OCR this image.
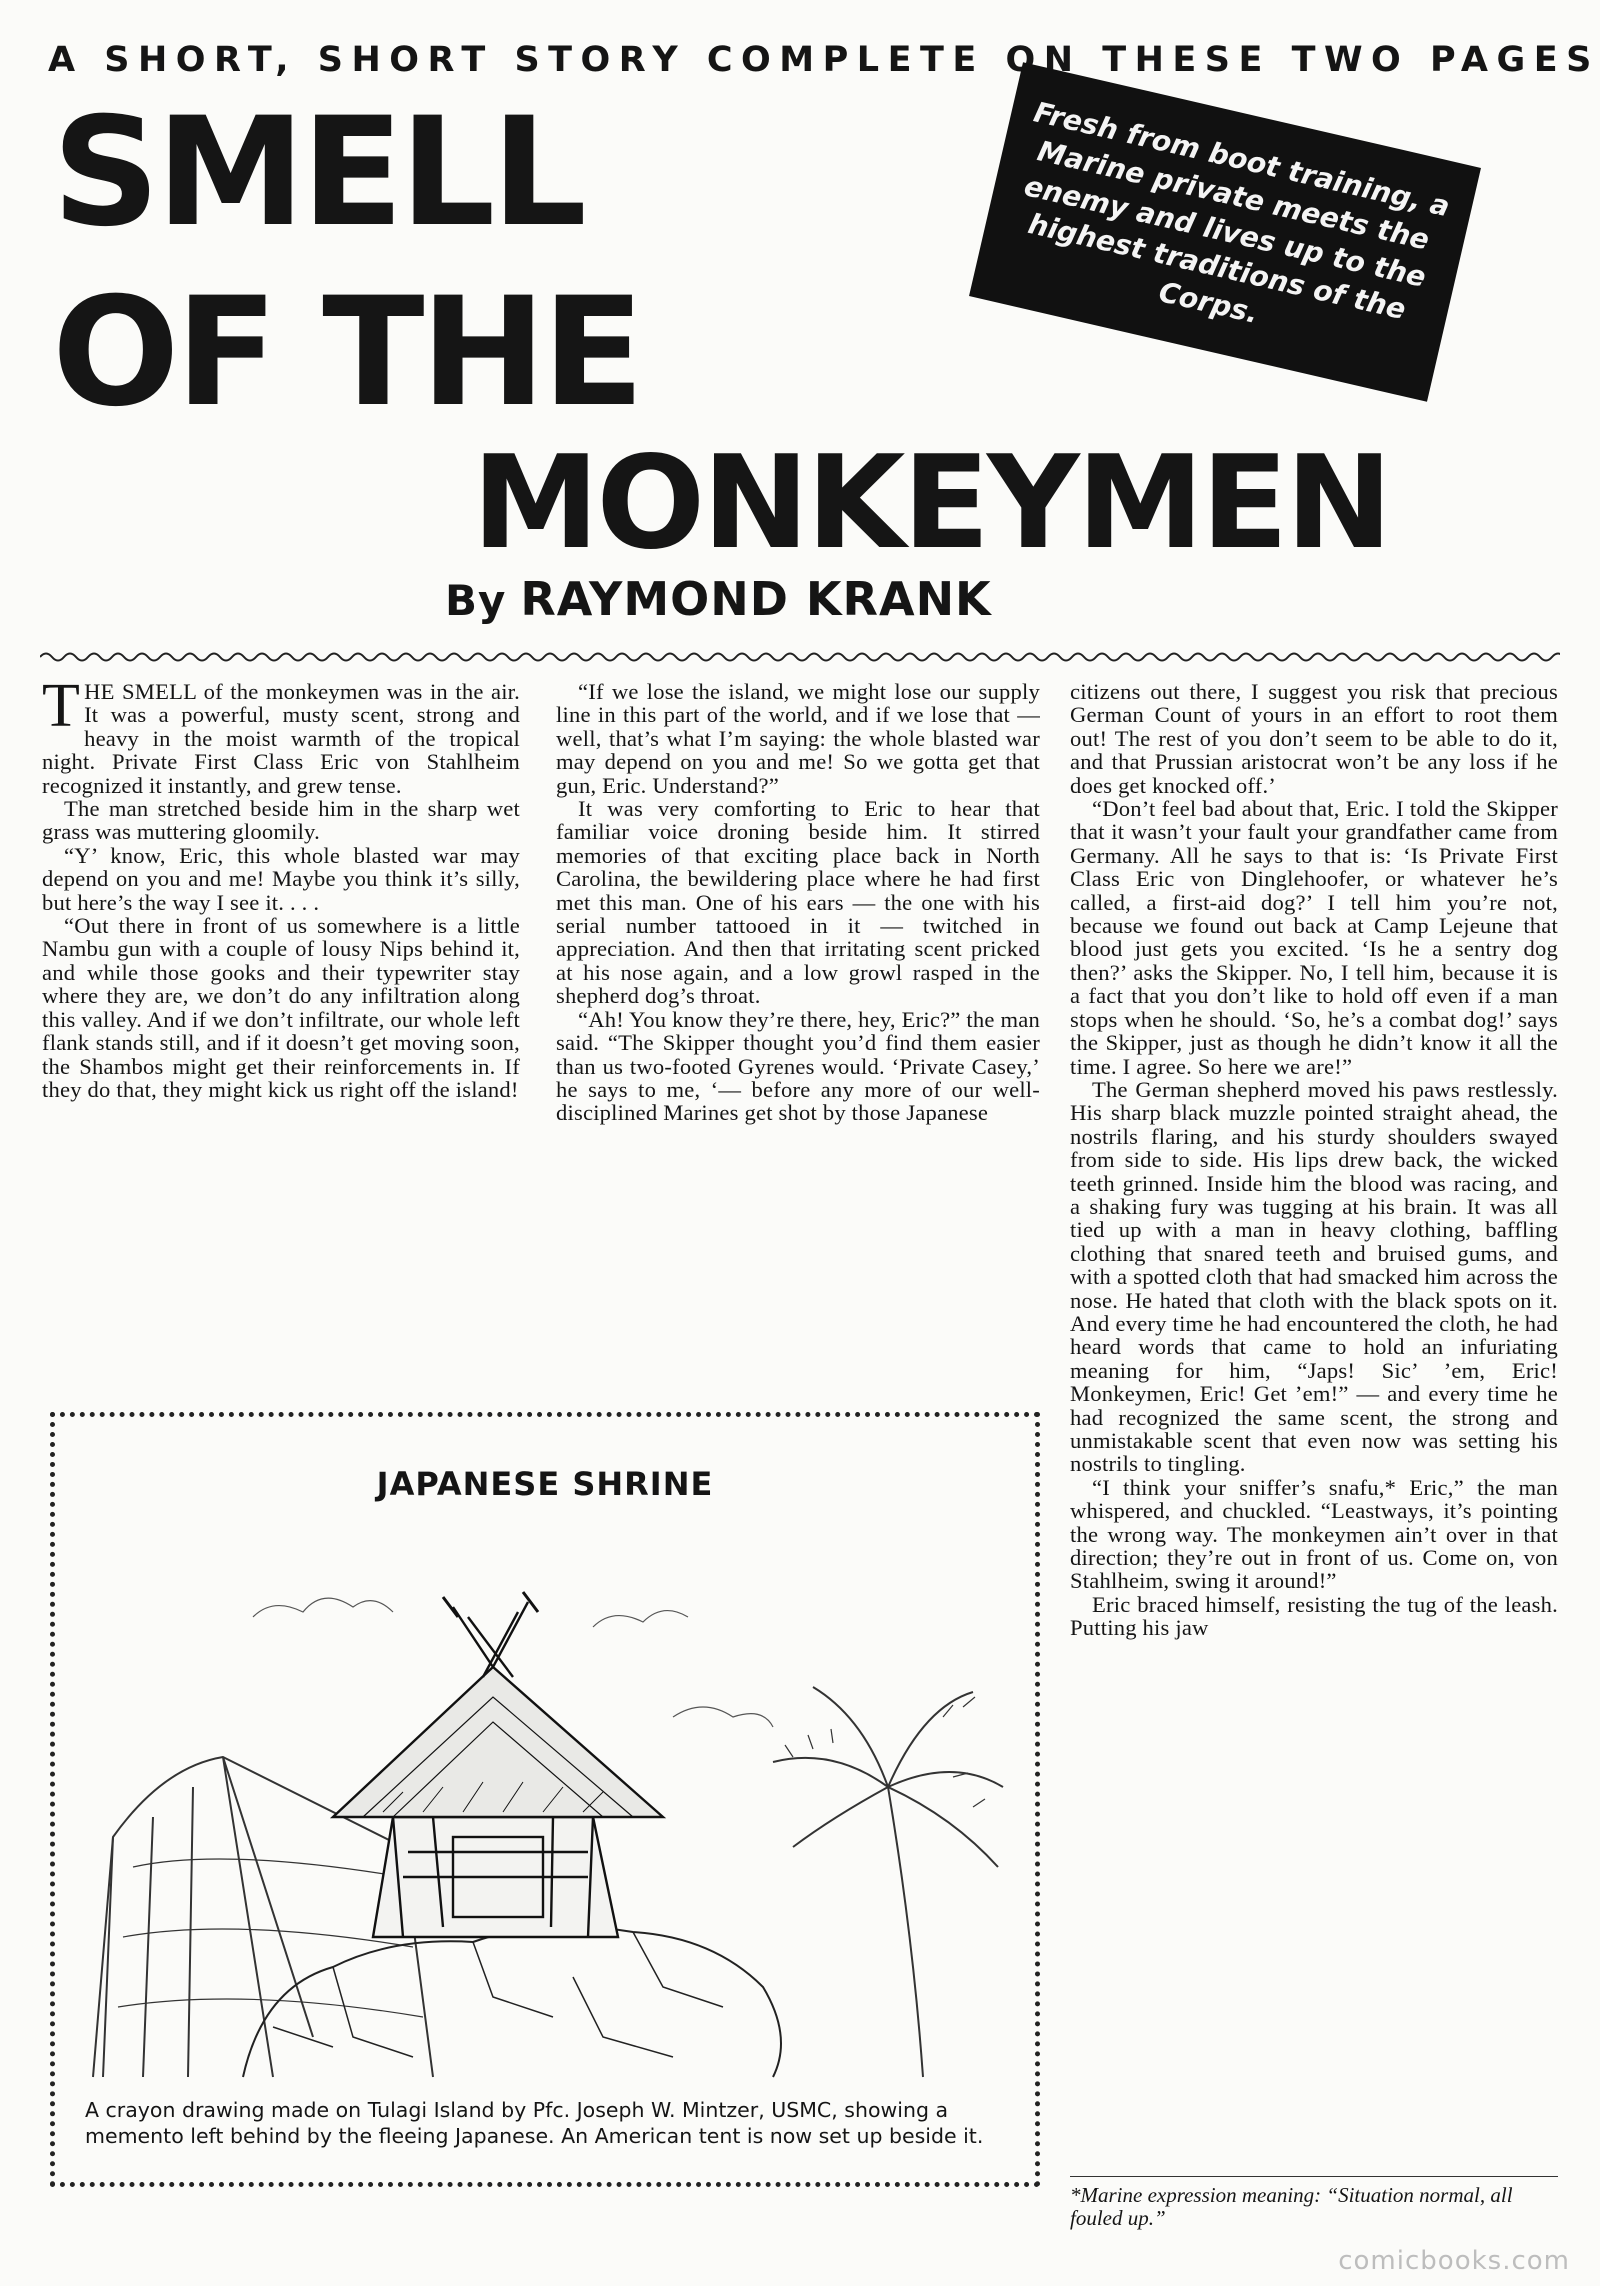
A SHORT, SHORT STORY COMPLETE ON THESE TWO PAGES
SMELL
OF THE
MONKEYMEN
Fresh from boot training, a Marine private meets the enemy and lives up to the highest traditions of the Corps.
By RAYMOND KRANK

THE SMELL of the monkeymen was in the air. It was a powerful, musty scent, strong and heavy in the moist warmth of the tropical night. Private First Class Eric von Stahlheim recognized it instantly, and grew tense.

The man stretched beside him in the sharp wet grass was muttering gloomily.

“Y’ know, Eric, this whole blasted war may depend on you and me! Maybe you think it’s silly, but here’s the way I see it. . . .

“Out there in front of us somewhere is a little Nambu gun with a couple of lousy Nips behind it, and while those gooks and their typewriter stay where they are, we don’t do any infiltration along this valley. And if we don’t infiltrate, our whole left flank stands still, and if it doesn’t get moving soon, the Shambos might get their reinforcements in. If they do that, they might kick us right off the island!

“If we lose the island, we might lose our supply line in this part of the world, and if we lose that — well, that’s what I’m saying: the whole blasted war may depend on you and me! So we gotta get that gun, Eric. Understand?”

It was very comforting to Eric to hear that familiar voice droning beside him. It stirred memories of that exciting place back in North Carolina, the bewildering place where he had first met this man. One of his ears — the one with his serial number tattooed in it — twitched in appreciation. And then that irritating scent pricked at his nose again, and a low growl rasped in the shepherd dog’s throat.

“Ah! You know they’re there, hey, Eric?” the man said. “The Skipper thought you’d find them easier than us two-footed Gyrenes would. ‘Private Casey,’ he says to me, ‘— before any more of our well-disciplined Marines get shot by those Japanese

citizens out there, I suggest you risk that precious German Count of yours in an effort to root them out! The rest of you don’t seem to be able to do it, and that Prussian aristocrat won’t be any loss if he does get knocked off.’

“Don’t feel bad about that, Eric. I told the Skipper that it wasn’t your fault your grandfather came from Germany. All he says to that is: ‘Is Private First Class Eric von Dinglehoofer, or whatever he’s called, a first-aid dog?’ I tell him you’re not, because we found out back at Camp Lejeune that blood just gets you excited. ‘Is he a sentry dog then?’ asks the Skipper. No, I tell him, because it is a fact that you don’t like to hold off even if a man stops when he should. ‘So, he’s a combat dog!’ says the Skipper, just as though he didn’t know it all the time. I agree. So here we are!”

The German shepherd moved his paws restlessly. His sharp black muzzle pointed straight ahead, the nostrils flaring, and his sturdy shoulders swayed from side to side. His lips drew back, the wicked teeth grinned. Inside him the blood was racing, and a shaking fury was tugging at his brain. It was all tied up with a man in heavy clothing, baffling clothing that snared teeth and bruised gums, and with a spotted cloth that had smacked him across the nose. He hated that cloth with the black spots on it. And every time he had encountered the cloth, he had heard words that came to hold an infuriating meaning for him, “Japs! Sic’ ’em, Eric! Monkeymen, Eric! Get ’em!” — and every time he had recognized the same scent, the strong and unmistakable scent that even now was setting his nostrils to tingling.

“I think your sniffer’s snafu,* Eric,” the man whispered, and chuckled. “Leastways, it’s pointing the wrong way. The monkeymen ain’t over in that direction; they’re out in front of us. Come on, von Stahlheim, swing it around!”

Eric braced himself, resisting the tug of the leash. Putting his jaw

*Marine expression meaning: “Situation normal, all fouled up.”
JAPANESE SHRINE
A crayon drawing made on Tulagi Island by Pfc. Joseph W. Mintzer, USMC, showing a memento left behind by the fleeing Japanese. An American tent is now set up beside it.
comicbooks.com
